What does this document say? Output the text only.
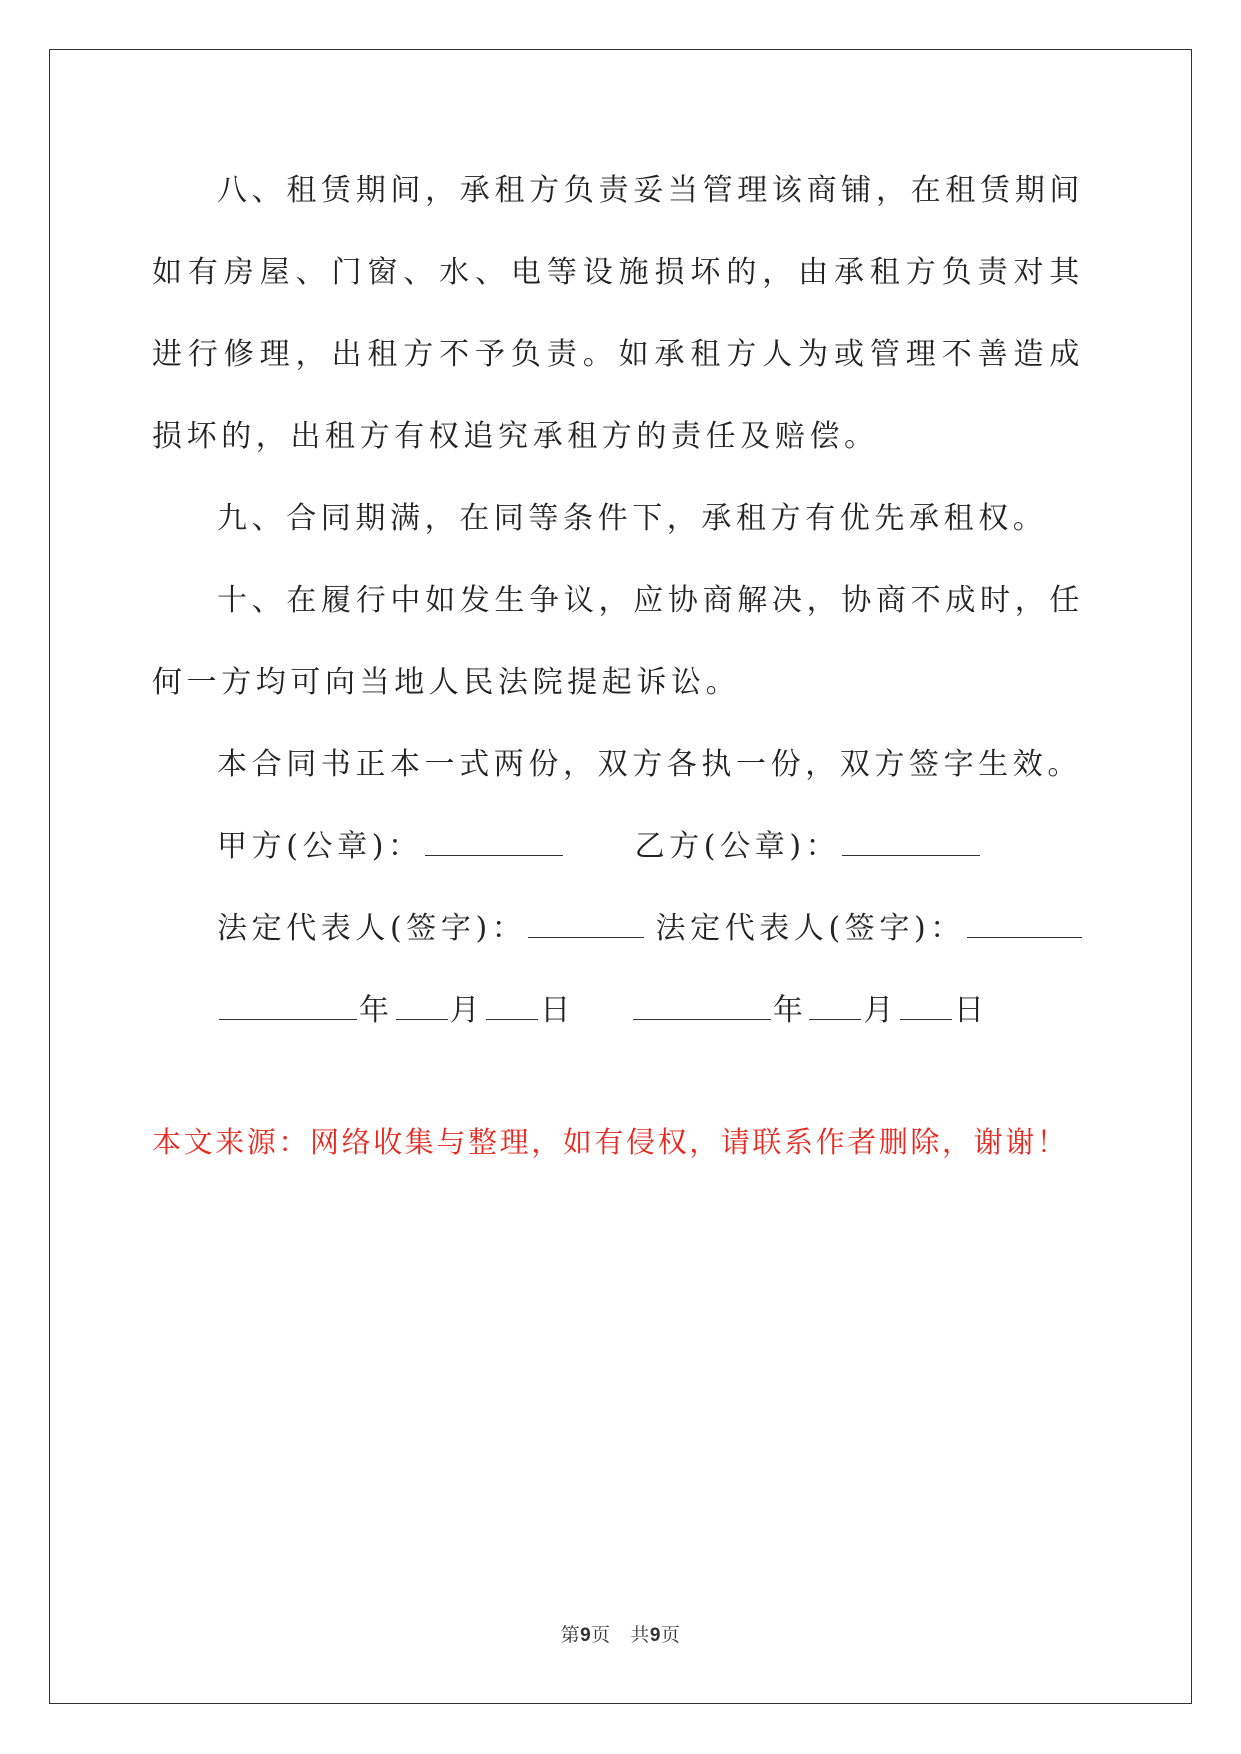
八、租赁期间，承租方负责妥当管理该商铺，在租赁期间如有房屋、门窗、水、电等设施损坏的，由承租方负责对其进行修理，出租方不予负责。如承租方人为或管理不善造成损坏的，出租方有权追究承租方的责任及赔偿。

九、合同期满，在同等条件下，承租方有优先承租权。

十、在履行中如发生争议，应协商解决，协商不成时，任何一方均可向当地人民法院提起诉讼。

本合同书正本一式两份，双方各执一份，双方签字生效。

甲方(公章)：	乙方(公章)：
法定代表人(签字)：	法定代表人(签字)：
年 月 日	年 月 日
本文来源：网络收集与整理，如有侵权，请联系作者删除，谢谢！
第9页 共9页
